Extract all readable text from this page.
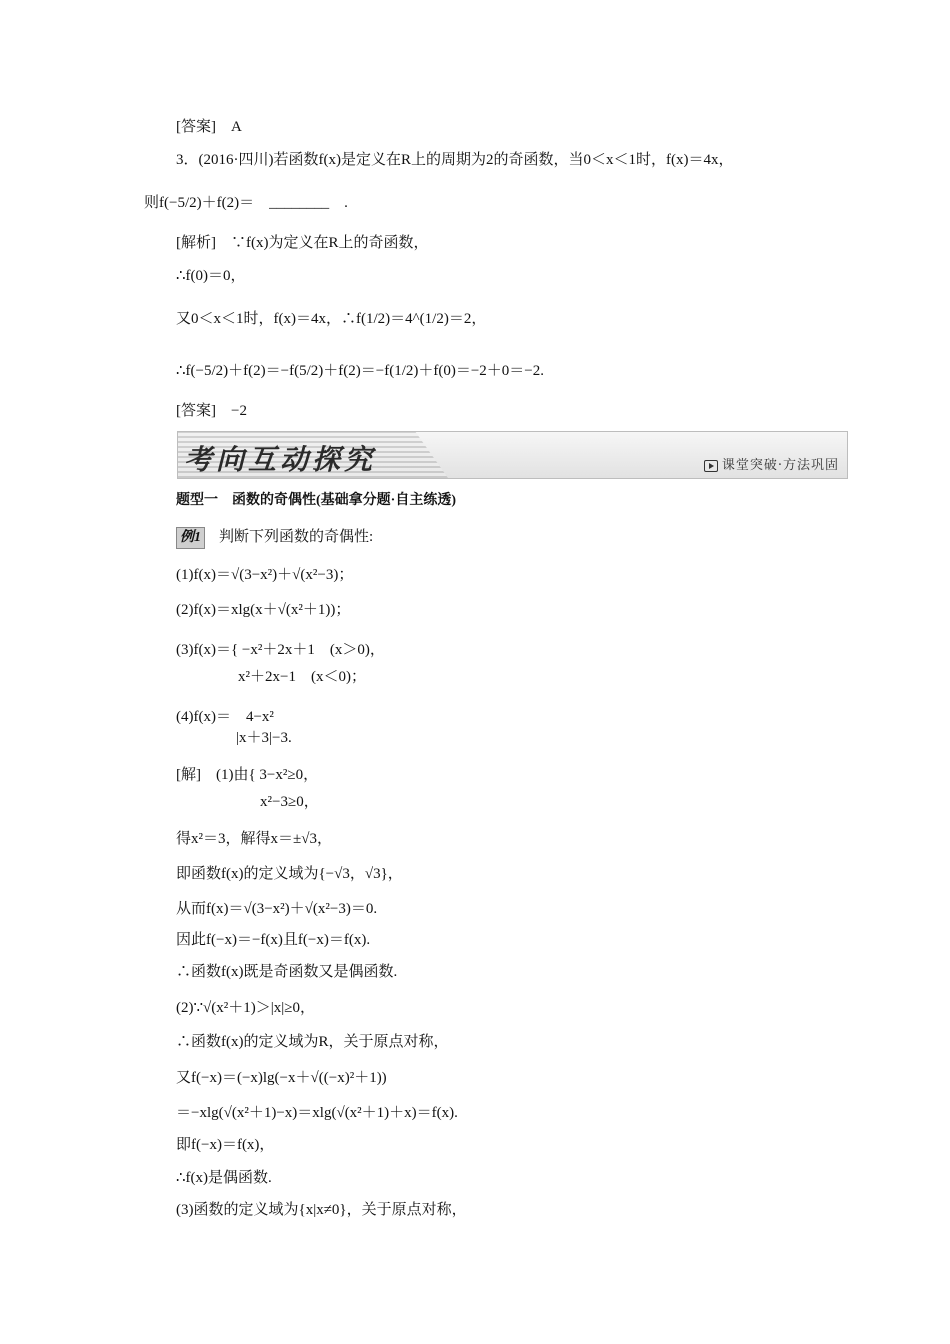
[答案]　A
3．(2016·四川)若函数f(x)是定义在R上的周期为2的奇函数，当0＜x＜1时，f(x)＝4x，
则f(−5/2)＋f(2)＝　________　.
[解析]　∵f(x)为定义在R上的奇函数，
∴f(0)＝0，
又0＜x＜1时，f(x)＝4x，∴f(1/2)＝4^(1/2)＝2，
∴f(−5/2)＋f(2)＝−f(5/2)＋f(2)＝−f(1/2)＋f(0)＝−2＋0＝−2.
[答案]　−2
考向互动探究	课堂突破·方法巩固
题型一　函数的奇偶性(基础拿分题·自主练透)
例1 判断下列函数的奇偶性:
(1)f(x)＝√(3−x²)＋√(x²−3)；
(2)f(x)＝xlg(x＋√(x²＋1))；
(3)f(x)＝{ −x²＋2x＋1　(x＞0)，
x²＋2x−1　(x＜0)；
(4)f(x)＝　4−x²
|x＋3|−3.
[解]　(1)由{ 3−x²≥0，
x²−3≥0，
得x²＝3，解得x＝±√3，
即函数f(x)的定义域为{−√3，√3}，
从而f(x)＝√(3−x²)＋√(x²−3)＝0.
因此f(−x)＝−f(x)且f(−x)＝f(x).
∴函数f(x)既是奇函数又是偶函数.
(2)∵√(x²＋1)＞|x|≥0，
∴函数f(x)的定义域为R，关于原点对称，
又f(−x)＝(−x)lg(−x＋√((−x)²＋1))
＝−xlg(√(x²＋1)−x)＝xlg(√(x²＋1)＋x)＝f(x).
即f(−x)＝f(x)，
∴f(x)是偶函数.
(3)函数的定义域为{x|x≠0}，关于原点对称，
